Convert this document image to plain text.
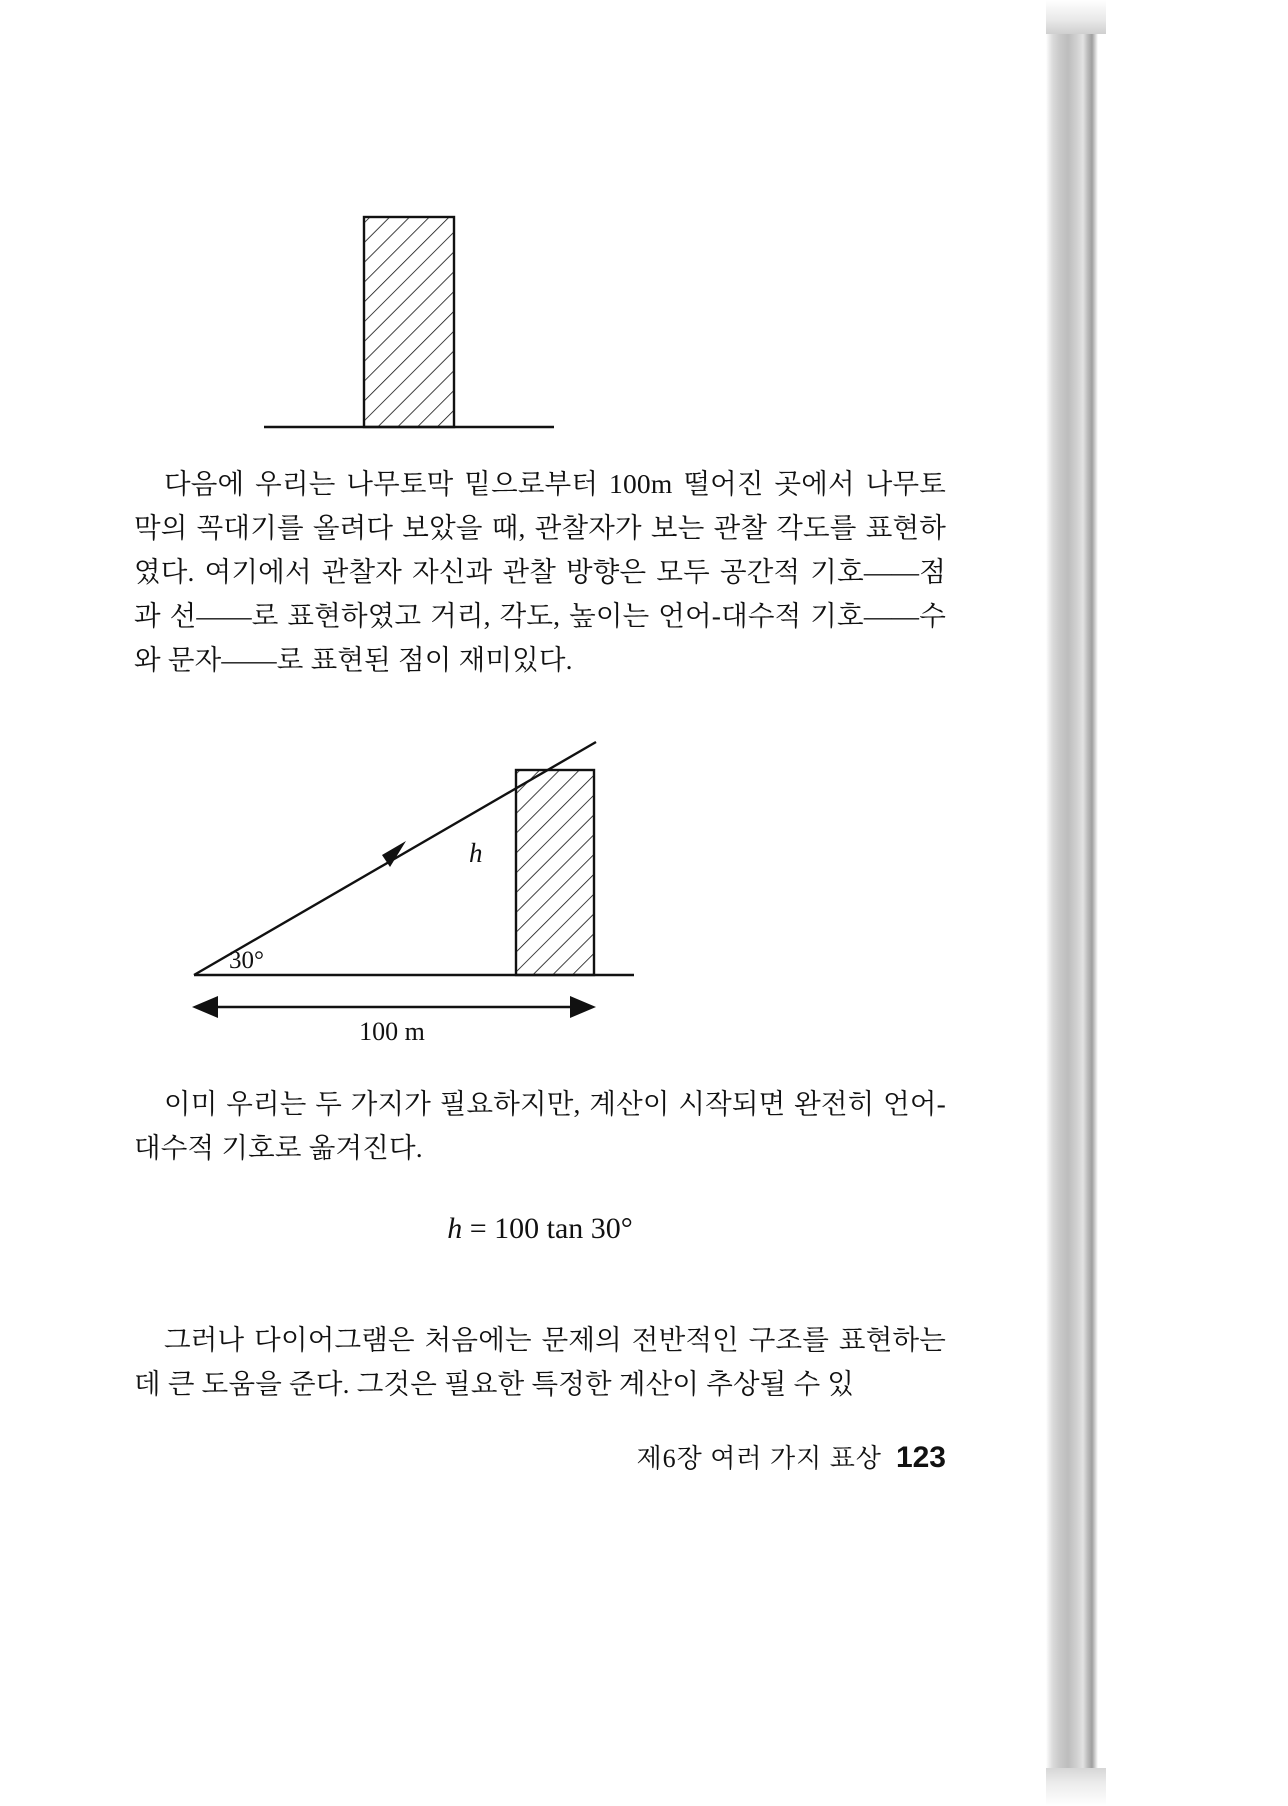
다음에 우리는 나무토막 밑으로부터 100m 떨어진 곳에서 나무토막의 꼭대기를 올려다 보았을 때, 관찰자가 보는 관찰 각도를 표현하였다. 여기에서 관찰자 자신과 관찰 방향은 모두 공간적 기호——점과 선——로 표현하였고 거리, 각도, 높이는 언어-대수적 기호——수와 문자——로 표현된 점이 재미있다.

h
30°
100 m

이미 우리는 두 가지가 필요하지만, 계산이 시작되면 완전히 언어-대수적 기호로 옮겨진다.

h = 100 tan 30°

그러나 다이어그램은 처음에는 문제의 전반적인 구조를 표현하는 데 큰 도움을 준다. 그것은 필요한 특정한 계산이 추상될 수 있

제6장 여러 가지 표상 123
